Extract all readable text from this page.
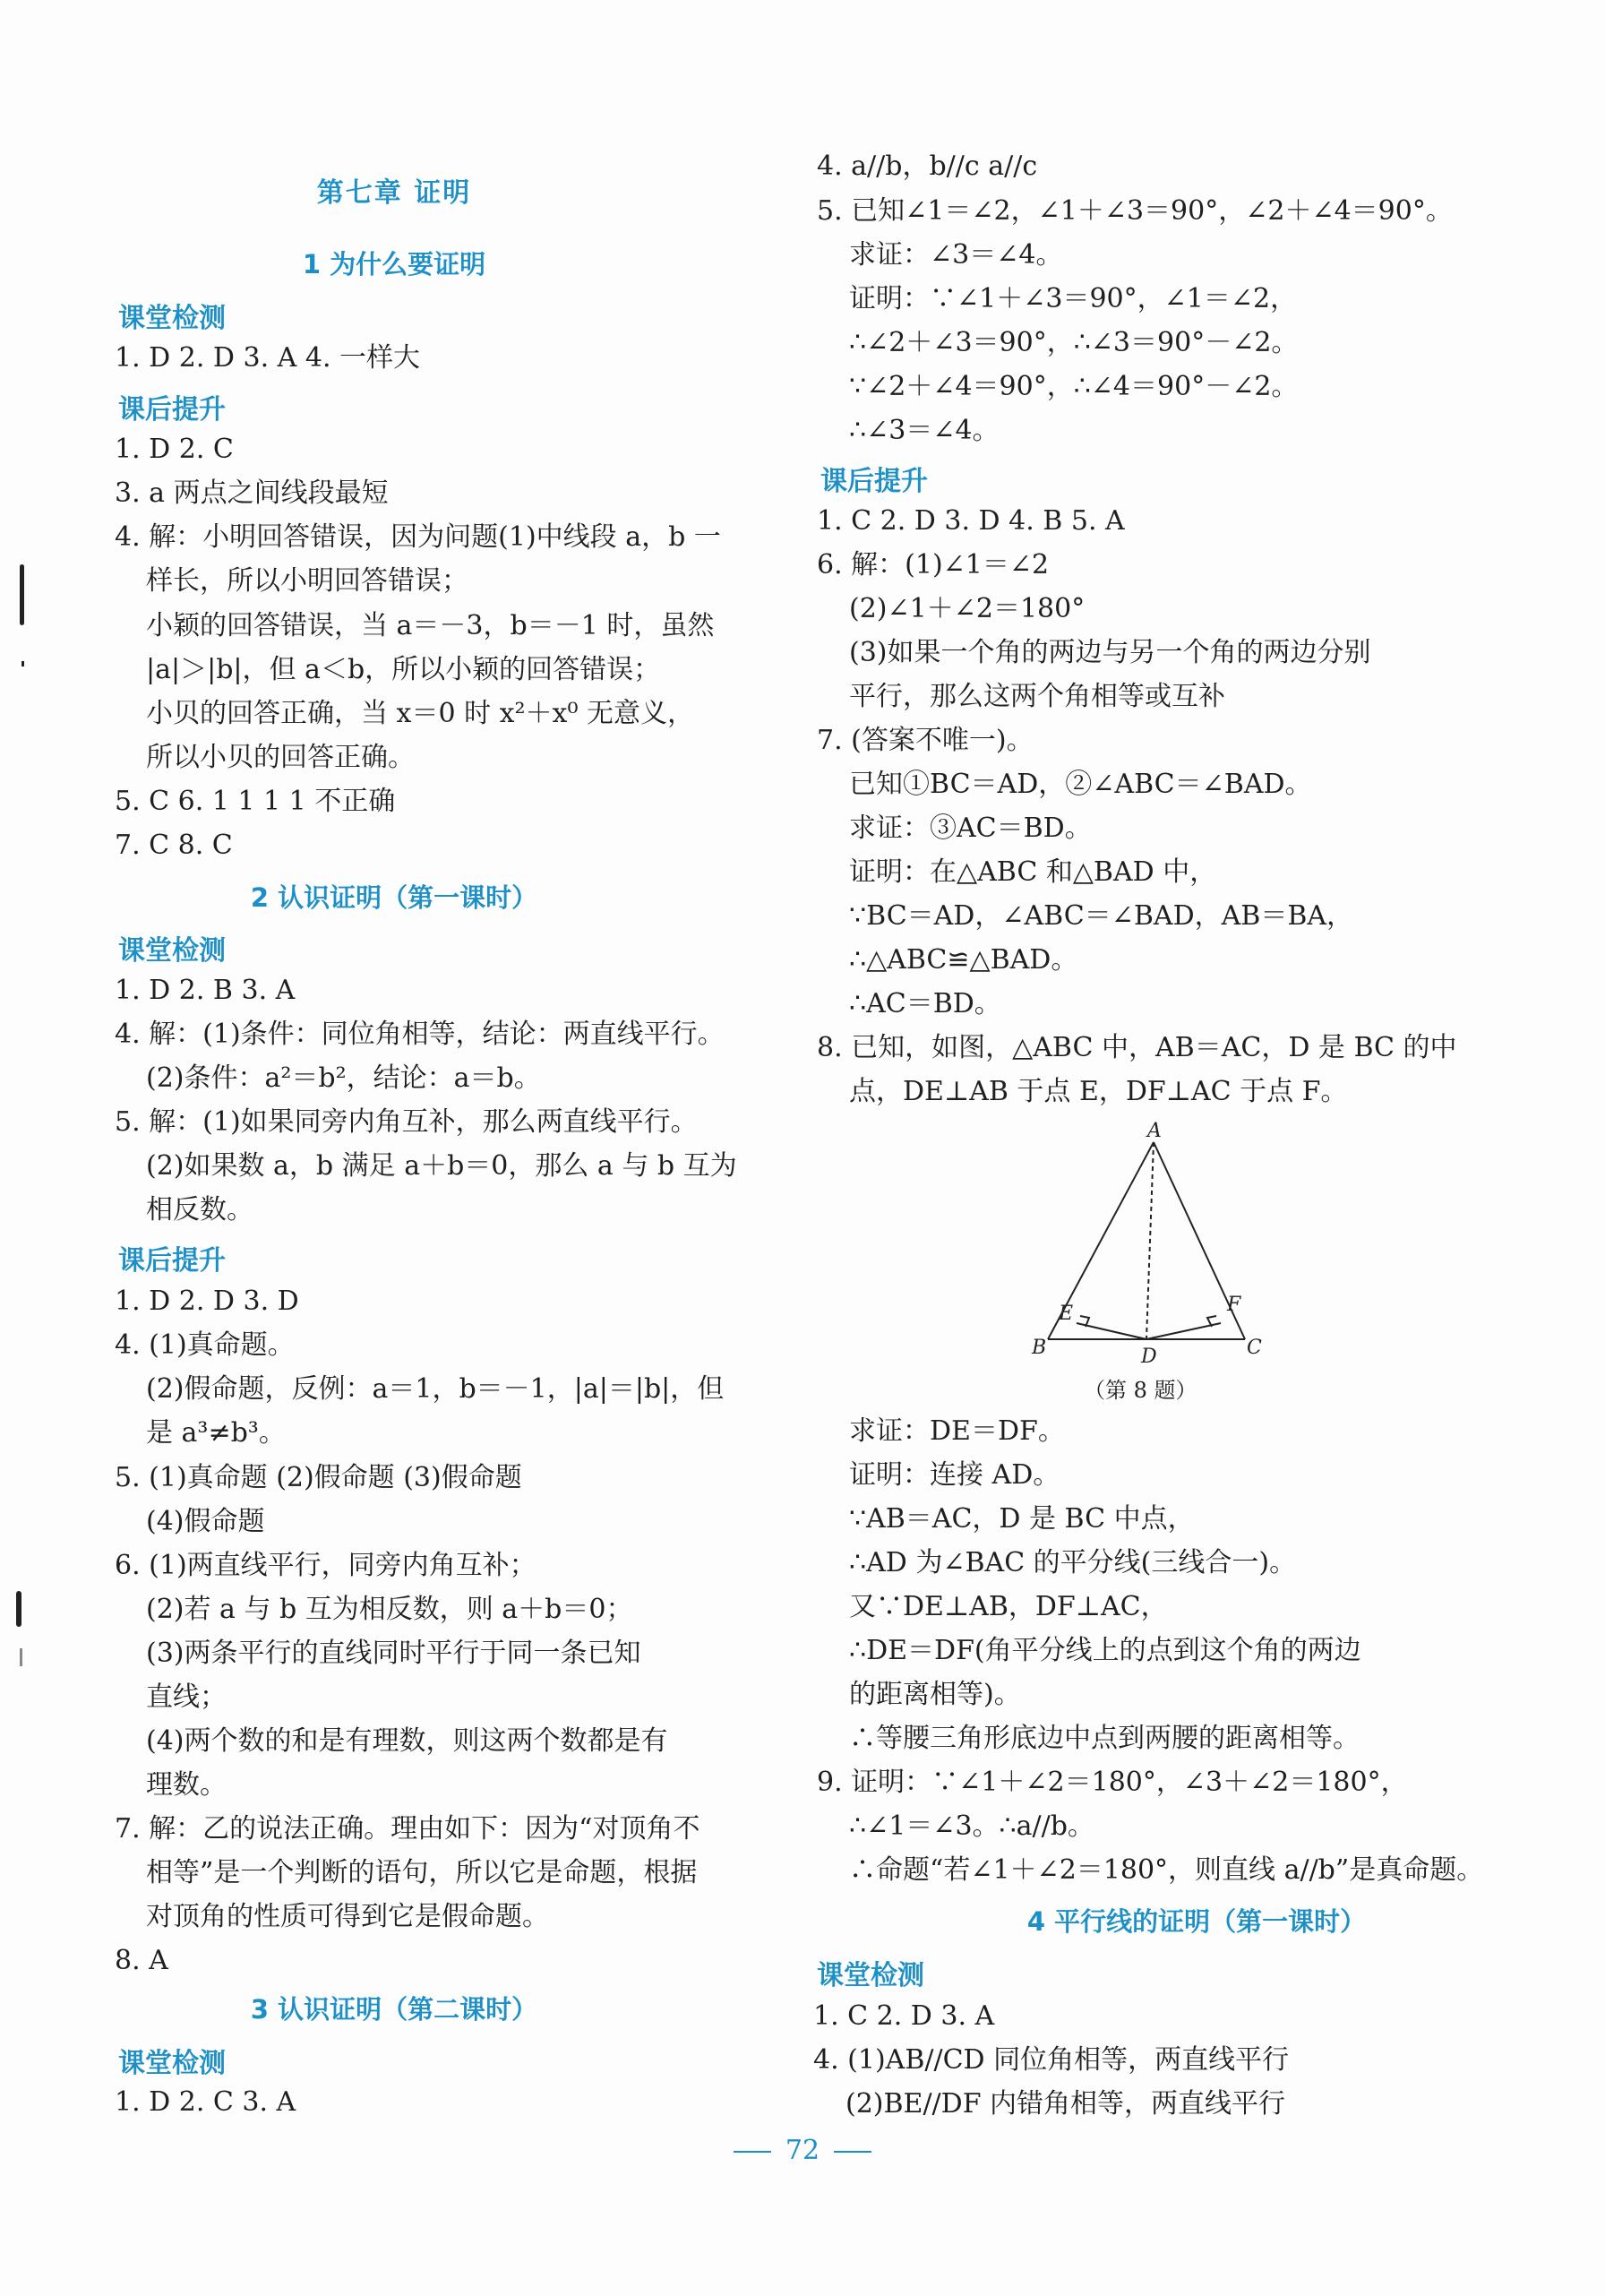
第七章 证明
1 为什么要证明
课堂检测
1. D 2. D 3. A 4. 一样大
课后提升
1. D 2. C
3. a 两点之间线段最短
4. 解：小明回答错误，因为问题(1)中线段 a，b 一
样长，所以小明回答错误；
小颖的回答错误，当 a＝－3，b＝－1 时，虽然
|a|＞|b|，但 a＜b，所以小颖的回答错误；
小贝的回答正确，当 x＝0 时 x²＋x⁰ 无意义，
所以小贝的回答正确。
5. C 6. 1 1 1 1 不正确
7. C 8. C
2 认识证明（第一课时）
课堂检测
1. D 2. B 3. A
4. 解：(1)条件：同位角相等，结论：两直线平行。
(2)条件：a²＝b²，结论：a＝b。
5. 解：(1)如果同旁内角互补，那么两直线平行。
(2)如果数 a，b 满足 a＋b＝0，那么 a 与 b 互为
相反数。
课后提升
1. D 2. D 3. D
4. (1)真命题。
(2)假命题，反例：a＝1，b＝－1，|a|＝|b|，但
是 a³≠b³。
5. (1)真命题 (2)假命题 (3)假命题
(4)假命题
6. (1)两直线平行，同旁内角互补；
(2)若 a 与 b 互为相反数，则 a＋b＝0；
(3)两条平行的直线同时平行于同一条已知
直线；
(4)两个数的和是有理数，则这两个数都是有
理数。
7. 解：乙的说法正确。理由如下：因为“对顶角不
相等”是一个判断的语句，所以它是命题，根据
对顶角的性质可得到它是假命题。
8. A
3 认识证明（第二课时）
课堂检测
1. D 2. C 3. A
4. a//b，b//c a//c
5. 已知∠1＝∠2，∠1＋∠3＝90°，∠2＋∠4＝90°。
求证：∠3＝∠4。
证明：∵∠1＋∠3＝90°，∠1＝∠2，
∴∠2＋∠3＝90°，∴∠3＝90°－∠2。
∵∠2＋∠4＝90°，∴∠4＝90°－∠2。
∴∠3＝∠4。
课后提升
1. C 2. D 3. D 4. B 5. A
6. 解：(1)∠1＝∠2
(2)∠1＋∠2＝180°
(3)如果一个角的两边与另一个角的两边分别
平行，那么这两个角相等或互补
7. (答案不唯一)。
已知①BC＝AD，②∠ABC＝∠BAD。
求证：③AC＝BD。
证明：在△ABC 和△BAD 中，
∵BC＝AD，∠ABC＝∠BAD，AB＝BA，
∴△ABC≌△BAD。
∴AC＝BD。
8. 已知，如图，△ABC 中，AB＝AC，D 是 BC 的中
点，DE⊥AB 于点 E，DF⊥AC 于点 F。
A
B	C
D
E	F
（第 8 题）
求证：DE＝DF。
证明：连接 AD。
∵AB＝AC，D 是 BC 中点，
∴AD 为∠BAC 的平分线(三线合一)。
又∵DE⊥AB，DF⊥AC，
∴DE＝DF(角平分线上的点到这个角的两边
的距离相等)。
∴等腰三角形底边中点到两腰的距离相等。
9. 证明：∵∠1＋∠2＝180°，∠3＋∠2＝180°，
∴∠1＝∠3。∴a//b。
∴命题“若∠1＋∠2＝180°，则直线 a//b”是真命题。
4 平行线的证明（第一课时）
课堂检测
1. C 2. D 3. A
4. (1)AB//CD 同位角相等，两直线平行
(2)BE//DF 内错角相等，两直线平行
72
